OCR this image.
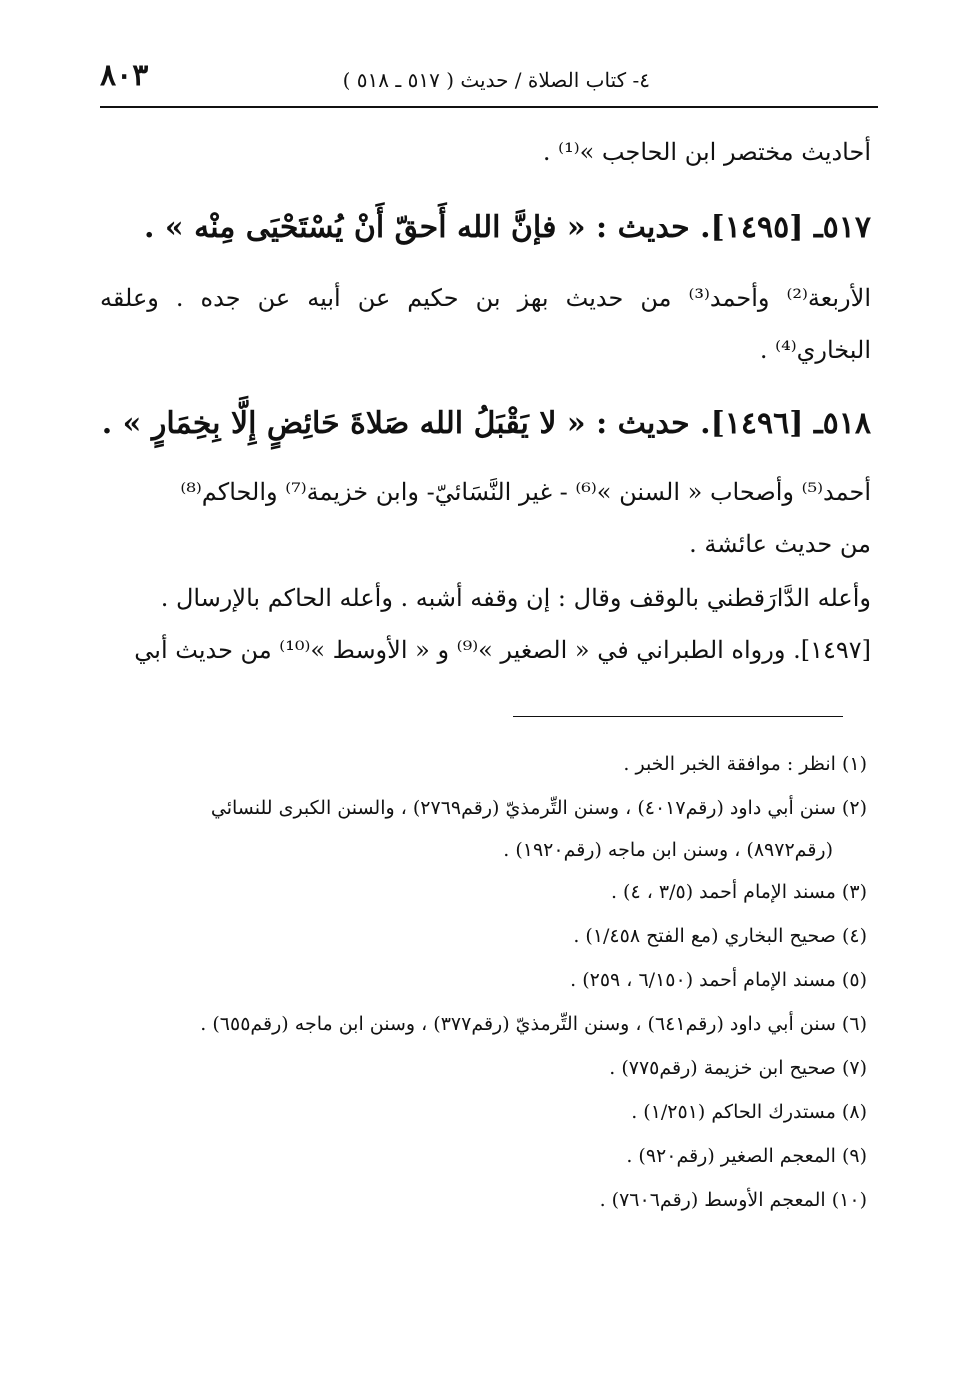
٨٠٣	٤- كتاب الصلاة / حديث ( ٥١٧ ـ ٥١٨ )
أحاديث مختصر ابن الحاجب »⁽¹⁾ .
٥١٧ـ [١٤٩٥]. حديث : « فإنَّ الله أَحقّ أَنْ يُسْتَحْيَى مِنْه » .
الأربعة⁽²⁾ وأحمد⁽³⁾ من حديث بهز بن حكيم عن أبيه عن جده . وعلقه
البخاري⁽⁴⁾ .
٥١٨ـ [١٤٩٦]. حديث : « لا يَقْبَلُ الله صَلاةَ حَائِضٍ إِلَّا بِخِمَارٍ » .
أحمد⁽⁵⁾ وأصحاب « السنن »⁽⁶⁾ - غير النَّسَائيّ- وابن خزيمة⁽⁷⁾ والحاكم⁽⁸⁾
من حديث عائشة .
وأعله الدَّارَقطني بالوقف وقال : إن وقفه أشبه . وأعله الحاكم بالإرسال .
[١٤٩٧]. ورواه الطبراني في « الصغير »⁽⁹⁾ و « الأوسط »⁽¹⁰⁾ من حديث أبي
(١) انظر : موافقة الخبر الخبر .
(٢) سنن أبي داود (رقم٤٠١٧) ، وسنن التِّرمذيّ (رقم٢٧٦٩) ، والسنن الكبرى للنسائي
(رقم٨٩٧٢) ، وسنن ابن ماجه (رقم١٩٢٠) .
(٣) مسند الإمام أحمد (٣/٥ ، ٤) .
(٤) صحيح البخاري (مع الفتح ١/٤٥٨) .
(٥) مسند الإمام أحمد (٦/١٥٠ ، ٢٥٩) .
(٦) سنن أبي داود (رقم٦٤١) ، وسنن التِّرمذيّ (رقم٣٧٧) ، وسنن ابن ماجه (رقم٦٥٥) .
(٧) صحيح ابن خزيمة (رقم٧٧٥) .
(٨) مستدرك الحاكم (١/٢٥١) .
(٩) المعجم الصغير (رقم٩٢٠) .
(١٠) المعجم الأوسط (رقم٧٦٠٦) .
